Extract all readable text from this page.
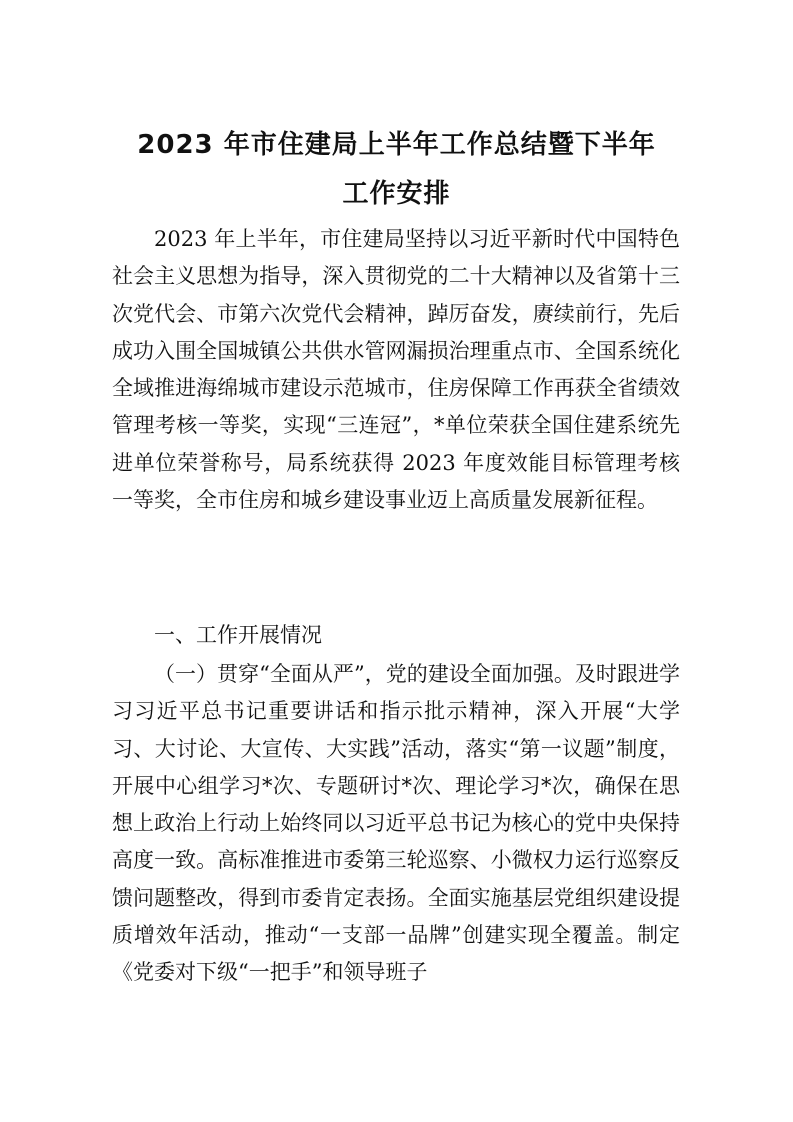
2023 年市住建局上半年工作总结暨下半年
工作安排

2023 年上半年，市住建局坚持以习近平新时代中国特色社会主义思想为指导，深入贯彻党的二十大精神以及省第十三次党代会、市第六次党代会精神，踔厉奋发，赓续前行，先后成功入围全国城镇公共供水管网漏损治理重点市、全国系统化全域推进海绵城市建设示范城市，住房保障工作再获全省绩效管理考核一等奖，实现“三连冠”，*单位荣获全国住建系统先进单位荣誉称号，局系统获得 2023 年度效能目标管理考核一等奖，全市住房和城乡建设事业迈上高质量发展新征程。

一、工作开展情况

（一）贯穿“全面从严”，党的建设全面加强。及时跟进学习习近平总书记重要讲话和指示批示精神，深入开展“大学习、大讨论、大宣传、大实践”活动，落实“第一议题”制度，开展中心组学习*次、专题研讨*次、理论学习*次，确保在思想上政治上行动上始终同以习近平总书记为核心的党中央保持高度一致。高标准推进市委第三轮巡察、小微权力运行巡察反馈问题整改，得到市委肯定表扬。全面实施基层党组织建设提质增效年活动，推动“一支部一品牌”创建实现全覆盖。制定《党委对下级“一把手”和领导班子
